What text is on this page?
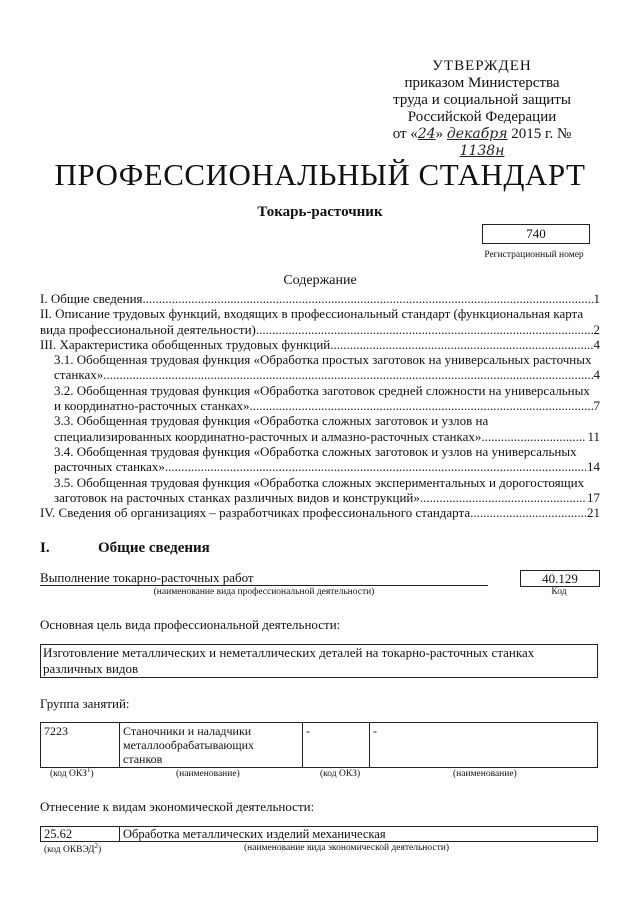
УТВЕРЖДЕН
приказом Министерства
труда и социальной защиты
Российской Федерации
от «24» декабря 2015 г. № 1138н
ПРОФЕССИОНАЛЬНЫЙ СТАНДАРТ
Токарь-расточник
740
Регистрационный номер
Содержание
I. Общие сведения .....	1
II. Описание трудовых функций, входящих в профессиональный стандарт (функциональная карта
вида профессиональной деятельности) .....	2
III. Характеристика обобщенных трудовых функций .....	4
3.1. Обобщенная трудовая функция «Обработка простых заготовок на универсальных расточных
станках» .....	4
3.2. Обобщенная трудовая функция «Обработка заготовок средней сложности на универсальных
и координатно-расточных станках» .....	7
3.3. Обобщенная трудовая функция «Обработка сложных заготовок и узлов на
специализированных координатно-расточных и алмазно-расточных станках» .....	11
3.4. Обобщенная трудовая функция «Обработка сложных заготовок и узлов на универсальных
расточных станках» .....	14
3.5. Обобщенная трудовая функция «Обработка сложных экспериментальных и дорогостоящих
заготовок на расточных станках различных видов и конструкций» .....	17
IV. Сведения об организациях – разработчиках профессионального стандарта .....	21
I.	Общие сведения
Выполнение токарно-расточных работ
(наименование вида профессиональной деятельности)
40.129
Код
Основная цель вида профессиональной деятельности:
Изготовление металлических и неметаллических деталей на токарно-расточных станках
различных видов
Группа занятий:
7223	Станочники и наладчики
металлообрабатывающих
станков
	-	-
(код ОКЗ$^1$)	(наименование)	(код ОКЗ)	(наименование)
Отнесение к видам экономической деятельности:
25.62	Обработка металлических изделий механическая
(код ОКВЭД$^2$)	(наименование вида экономической деятельности)
